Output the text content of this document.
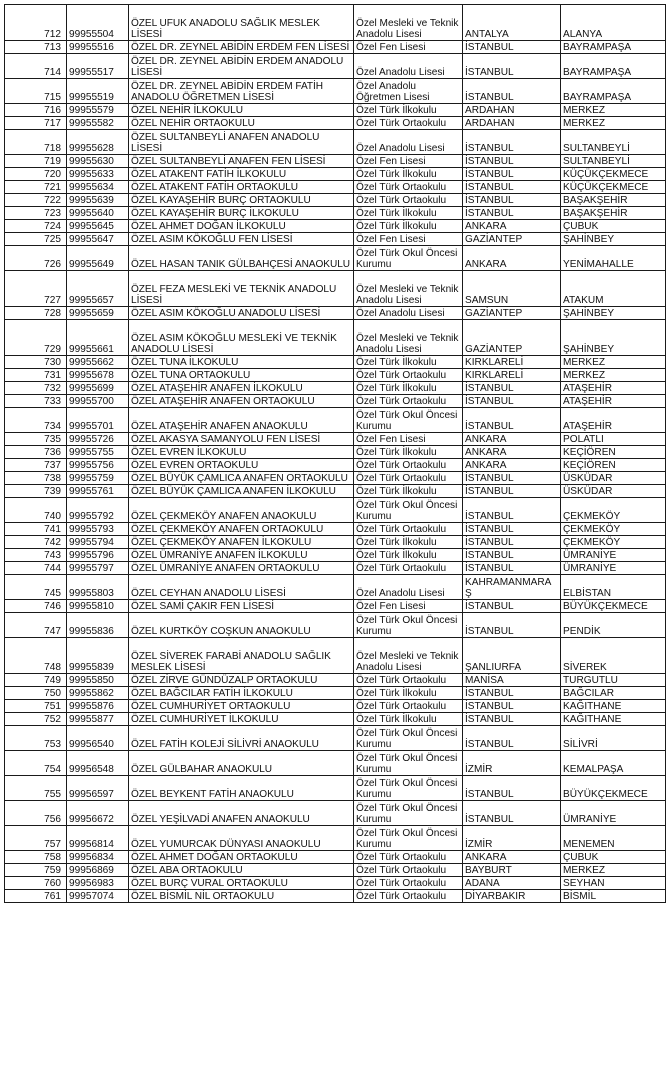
712	99955504	ÖZEL UFUK ANADOLU SAĞLIK MESLEK LİSESİ	Özel Mesleki ve Teknik Anadolu Lisesi	ANTALYA	ALANYA
713	99955516	ÖZEL DR. ZEYNEL ABİDİN ERDEM FEN LİSESİ	Özel Fen Lisesi	İSTANBUL	BAYRAMPAŞA
714	99955517	ÖZEL DR. ZEYNEL ABİDİN ERDEM ANADOLU LİSESİ	Özel Anadolu Lisesi	İSTANBUL	BAYRAMPAŞA
715	99955519	ÖZEL DR. ZEYNEL ABİDİN ERDEM FATİH ANADOLU ÖĞRETMEN LİSESİ	Özel Anadolu Öğretmen Lisesi	İSTANBUL	BAYRAMPAŞA
716	99955579	ÖZEL NEHİR İLKOKULU	Özel Türk İlkokulu	ARDAHAN	MERKEZ
717	99955582	ÖZEL NEHİR ORTAOKULU	Özel Türk Ortaokulu	ARDAHAN	MERKEZ
718	99955628	ÖZEL SULTANBEYLİ ANAFEN ANADOLU LİSESİ	Özel Anadolu Lisesi	İSTANBUL	SULTANBEYLİ
719	99955630	ÖZEL SULTANBEYLİ ANAFEN FEN LİSESİ	Özel Fen Lisesi	İSTANBUL	SULTANBEYLİ
720	99955633	ÖZEL ATAKENT FATİH İLKOKULU	Özel Türk İlkokulu	İSTANBUL	KÜÇÜKÇEKMECE
721	99955634	ÖZEL ATAKENT FATİH ORTAOKULU	Özel Türk Ortaokulu	İSTANBUL	KÜÇÜKÇEKMECE
722	99955639	ÖZEL KAYAŞEHİR BURÇ ORTAOKULU	Özel Türk Ortaokulu	İSTANBUL	BAŞAKŞEHİR
723	99955640	ÖZEL KAYAŞEHİR BURÇ İLKOKULU	Özel Türk İlkokulu	İSTANBUL	BAŞAKŞEHİR
724	99955645	ÖZEL AHMET DOĞAN İLKOKULU	Özel Türk İlkokulu	ANKARA	ÇUBUK
725	99955647	ÖZEL ASIM KÖKOĞLU FEN LİSESİ	Özel Fen Lisesi	GAZİANTEP	ŞAHİNBEY
726	99955649	ÖZEL HASAN TANIK GÜLBAHÇESİ ANAOKULU	Özel Türk Okul Öncesi Kurumu	ANKARA	YENİMAHALLE
727	99955657	ÖZEL FEZA MESLEKİ VE TEKNİK ANADOLU LİSESİ	Özel Mesleki ve Teknik Anadolu Lisesi	SAMSUN	ATAKUM
728	99955659	ÖZEL ASIM KÖKOĞLU ANADOLU LİSESİ	Özel Anadolu Lisesi	GAZİANTEP	ŞAHİNBEY
729	99955661	ÖZEL ASIM KÖKOĞLU MESLEKİ VE TEKNİK ANADOLU LİSESİ	Özel Mesleki ve Teknik Anadolu Lisesi	GAZİANTEP	ŞAHİNBEY
730	99955662	ÖZEL TUNA İLKOKULU	Özel Türk İlkokulu	KIRKLARELİ	MERKEZ
731	99955678	ÖZEL TUNA ORTAOKULU	Özel Türk Ortaokulu	KIRKLARELİ	MERKEZ
732	99955699	ÖZEL ATAŞEHİR ANAFEN İLKOKULU	Özel Türk İlkokulu	İSTANBUL	ATAŞEHİR
733	99955700	ÖZEL ATAŞEHİR ANAFEN ORTAOKULU	Özel Türk Ortaokulu	İSTANBUL	ATAŞEHİR
734	99955701	ÖZEL ATAŞEHİR ANAFEN ANAOKULU	Özel Türk Okul Öncesi Kurumu	İSTANBUL	ATAŞEHİR
735	99955726	ÖZEL AKASYA SAMANYOLU FEN LİSESİ	Özel Fen Lisesi	ANKARA	POLATLI
736	99955755	ÖZEL EVREN İLKOKULU	Özel Türk İlkokulu	ANKARA	KEÇİÖREN
737	99955756	ÖZEL EVREN ORTAOKULU	Özel Türk Ortaokulu	ANKARA	KEÇİÖREN
738	99955759	ÖZEL BÜYÜK ÇAMLICA ANAFEN ORTAOKULU	Özel Türk Ortaokulu	İSTANBUL	ÜSKÜDAR
739	99955761	ÖZEL BÜYÜK ÇAMLICA ANAFEN İLKOKULU	Özel Türk İlkokulu	İSTANBUL	ÜSKÜDAR
740	99955792	ÖZEL ÇEKMEKÖY ANAFEN ANAOKULU	Özel Türk Okul Öncesi Kurumu	İSTANBUL	ÇEKMEKÖY
741	99955793	ÖZEL ÇEKMEKÖY ANAFEN ORTAOKULU	Özel Türk Ortaokulu	İSTANBUL	ÇEKMEKÖY
742	99955794	ÖZEL ÇEKMEKÖY ANAFEN İLKOKULU	Özel Türk İlkokulu	İSTANBUL	ÇEKMEKÖY
743	99955796	ÖZEL ÜMRANİYE ANAFEN İLKOKULU	Özel Türk İlkokulu	İSTANBUL	ÜMRANİYE
744	99955797	ÖZEL ÜMRANİYE ANAFEN ORTAOKULU	Özel Türk Ortaokulu	İSTANBUL	ÜMRANİYE
745	99955803	ÖZEL CEYHAN ANADOLU LİSESİ	Özel Anadolu Lisesi	KAHRAMANMARAŞ	ELBİSTAN
746	99955810	ÖZEL SAMİ ÇAKIR FEN LİSESİ	Özel Fen Lisesi	İSTANBUL	BÜYÜKÇEKMECE
747	99955836	ÖZEL KURTKÖY COŞKUN ANAOKULU	Özel Türk Okul Öncesi Kurumu	İSTANBUL	PENDİK
748	99955839	ÖZEL SİVEREK FARABİ ANADOLU SAĞLIK MESLEK LİSESİ	Özel Mesleki ve Teknik Anadolu Lisesi	ŞANLIURFA	SİVEREK
749	99955850	ÖZEL ZİRVE GÜNDÜZALP ORTAOKULU	Özel Türk Ortaokulu	MANİSA	TURGUTLU
750	99955862	ÖZEL BAĞCILAR FATİH İLKOKULU	Özel Türk İlkokulu	İSTANBUL	BAĞCILAR
751	99955876	ÖZEL CUMHURİYET ORTAOKULU	Özel Türk Ortaokulu	İSTANBUL	KAĞITHANE
752	99955877	ÖZEL CUMHURİYET İLKOKULU	Özel Türk İlkokulu	İSTANBUL	KAĞITHANE
753	99956540	ÖZEL FATİH KOLEJİ SİLİVRİ ANAOKULU	Özel Türk Okul Öncesi Kurumu	İSTANBUL	SİLİVRİ
754	99956548	ÖZEL GÜLBAHAR ANAOKULU	Özel Türk Okul Öncesi Kurumu	İZMİR	KEMALPAŞA
755	99956597	ÖZEL BEYKENT FATİH ANAOKULU	Özel Türk Okul Öncesi Kurumu	İSTANBUL	BÜYÜKÇEKMECE
756	99956672	ÖZEL YEŞİLVADİ ANAFEN ANAOKULU	Özel Türk Okul Öncesi Kurumu	İSTANBUL	ÜMRANİYE
757	99956814	ÖZEL YUMURCAK DÜNYASI ANAOKULU	Özel Türk Okul Öncesi Kurumu	İZMİR	MENEMEN
758	99956834	ÖZEL AHMET DOĞAN ORTAOKULU	Özel Türk Ortaokulu	ANKARA	ÇUBUK
759	99956869	ÖZEL ABA ORTAOKULU	Özel Türk Ortaokulu	BAYBURT	MERKEZ
760	99956983	ÖZEL BURÇ VURAL ORTAOKULU	Özel Türk Ortaokulu	ADANA	SEYHAN
761	99957074	ÖZEL BİSMİL NİL ORTAOKULU	Özel Türk Ortaokulu	DİYARBAKIR	BİSMİL
